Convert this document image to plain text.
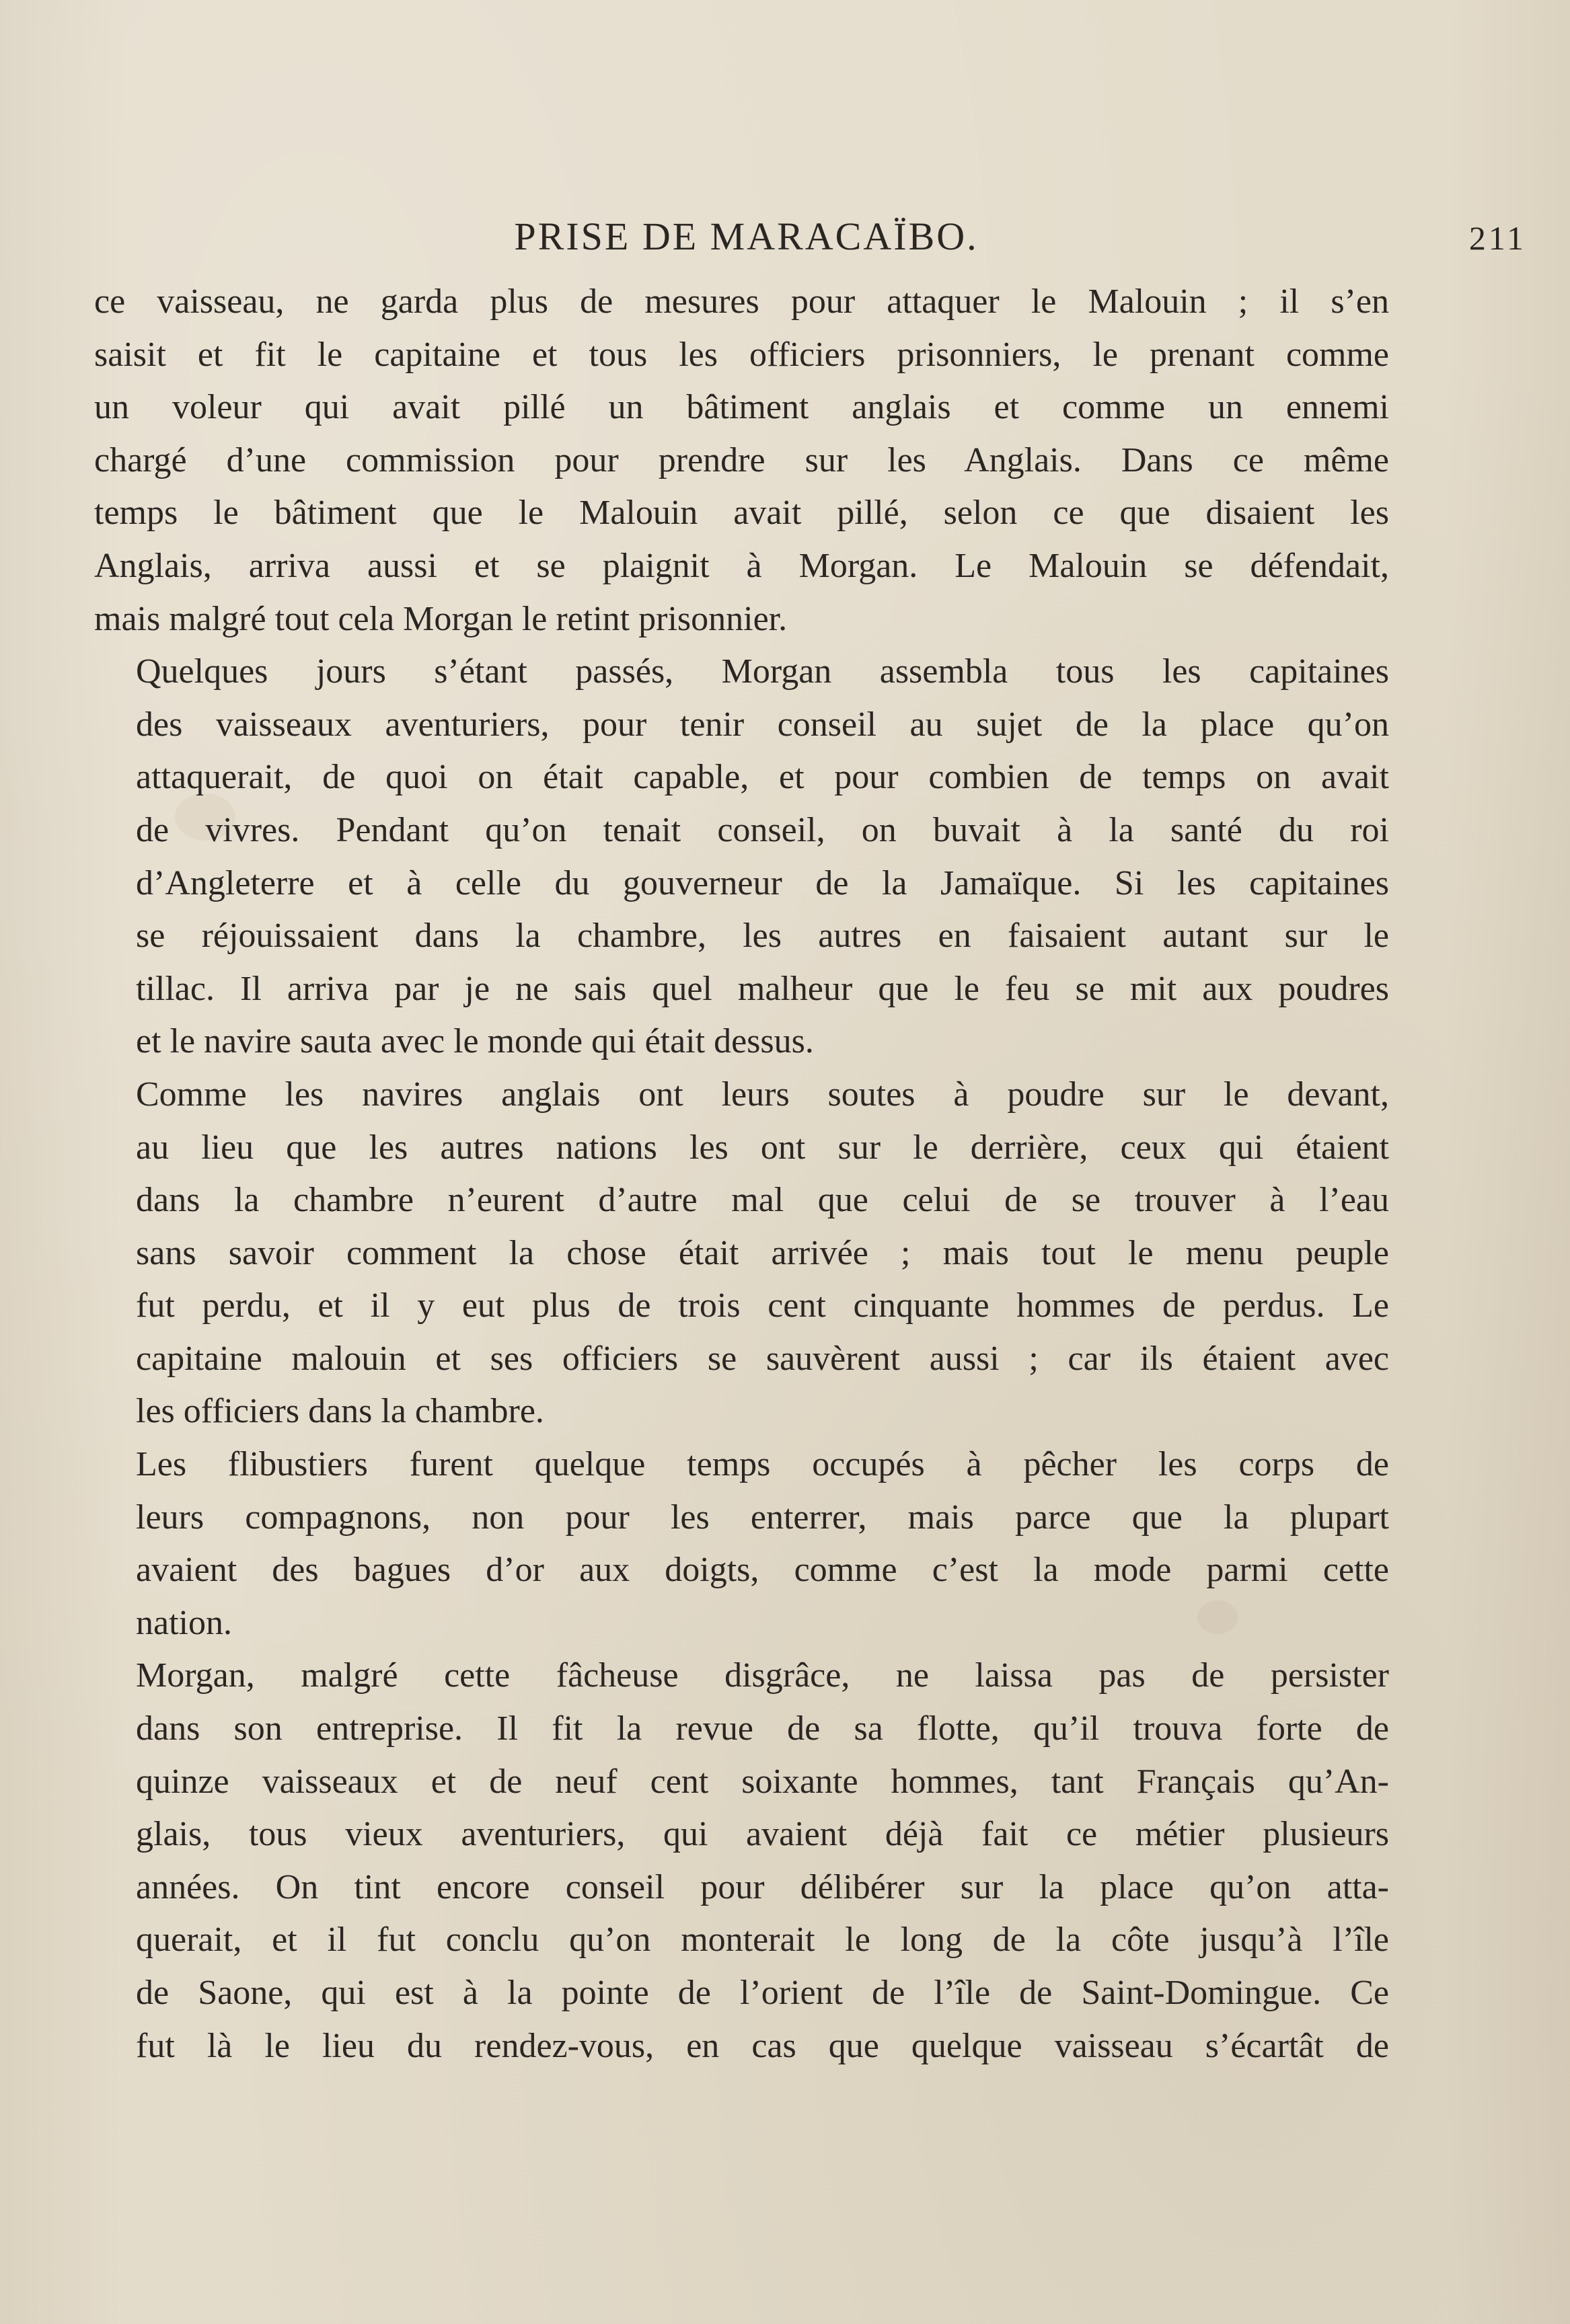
PRISE DE MARACAÏBO.	211

ce vaisseau, ne garda plus de mesures pour attaquer le Malouin ; il s’en
saisit et fit le capitaine et tous les officiers prisonniers, le prenant comme
un voleur qui avait pillé un bâtiment anglais et comme un ennemi
chargé d’une commission pour prendre sur les Anglais. Dans ce même
temps le bâtiment que le Malouin avait pillé, selon ce que disaient les
Anglais, arriva aussi et se plaignit à Morgan. Le Malouin se défendait,
mais malgré tout cela Morgan le retint prisonnier.

Quelques jours s’étant passés, Morgan assembla tous les capitaines
des vaisseaux aventuriers, pour tenir conseil au sujet de la place qu’on
attaquerait, de quoi on était capable, et pour combien de temps on avait
de vivres. Pendant qu’on tenait conseil, on buvait à la santé du roi
d’Angleterre et à celle du gouverneur de la Jamaïque. Si les capitaines
se réjouissaient dans la chambre, les autres en faisaient autant sur le
tillac. Il arriva par je ne sais quel malheur que le feu se mit aux poudres
et le navire sauta avec le monde qui était dessus.

Comme les navires anglais ont leurs soutes à poudre sur le devant,
au lieu que les autres nations les ont sur le derrière, ceux qui étaient
dans la chambre n’eurent d’autre mal que celui de se trouver à l’eau
sans savoir comment la chose était arrivée ; mais tout le menu peuple
fut perdu, et il y eut plus de trois cent cinquante hommes de perdus. Le
capitaine malouin et ses officiers se sauvèrent aussi ; car ils étaient avec
les officiers dans la chambre.

Les flibustiers furent quelque temps occupés à pêcher les corps de
leurs compagnons, non pour les enterrer, mais parce que la plupart
avaient des bagues d’or aux doigts, comme c’est la mode parmi cette
nation.

Morgan, malgré cette fâcheuse disgrâce, ne laissa pas de persister
dans son entreprise. Il fit la revue de sa flotte, qu’il trouva forte de
quinze vaisseaux et de neuf cent soixante hommes, tant Français qu’An-
glais, tous vieux aventuriers, qui avaient déjà fait ce métier plusieurs
années. On tint encore conseil pour délibérer sur la place qu’on atta-
querait, et il fut conclu qu’on monterait le long de la côte jusqu’à l’île
de Saone, qui est à la pointe de l’orient de l’île de Saint-Domingue. Ce
fut là le lieu du rendez-vous, en cas que quelque vaisseau s’écartât de
